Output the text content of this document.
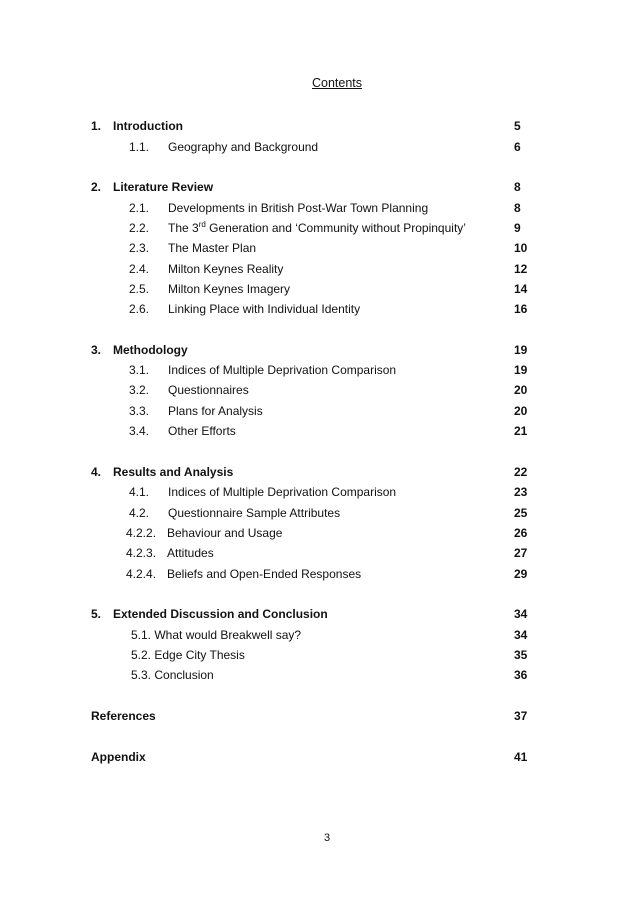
Contents
1. Introduction	5
1.1. Geography and Background	6
2. Literature Review	8
2.1. Developments in British Post-War Town Planning	8
2.2. The 3rd Generation and ‘Community without Propinquity’	9
2.3. The Master Plan	10
2.4. Milton Keynes Reality	12
2.5. Milton Keynes Imagery	14
2.6. Linking Place with Individual Identity	16
3. Methodology	19
3.1. Indices of Multiple Deprivation Comparison	19
3.2. Questionnaires	20
3.3. Plans for Analysis	20
3.4. Other Efforts	21
4. Results and Analysis	22
4.1. Indices of Multiple Deprivation Comparison	23
4.2. Questionnaire Sample Attributes	25
4.2.2. Behaviour and Usage	26
4.2.3. Attitudes	27
4.2.4. Beliefs and Open-Ended Responses	29
5. Extended Discussion and Conclusion	34
5.1. What would Breakwell say?	34
5.2. Edge City Thesis	35
5.3. Conclusion	36
References	37
Appendix	41
3
